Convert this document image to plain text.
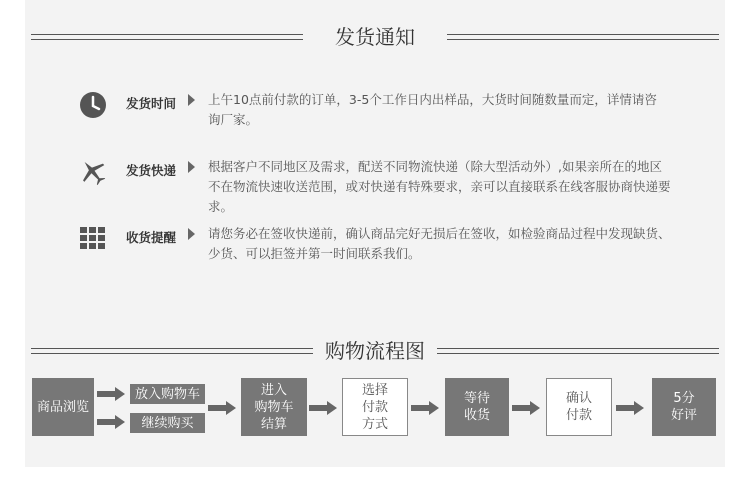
发货通知
发货时间	上午10点前付款的订单，3-5个工作日内出样品，大货时间随数量而定，详情请咨 询厂家。
发货快递	根据客户不同地区及需求，配送不同物流快递（除大型活动外）,如果亲所在的地区不在物流快速收送范围，或对快递有特殊要求，亲可以直接联系在线客服协商快递要求。
收货提醒	请您务必在签收快递前，确认商品完好无损后在签收，如检验商品过程中发现缺货、少货、可以拒签并第一时间联系我们。
购物流程图
商品浏览
放入购物车
继续购买
进入
购物车
结算
选择
付款
方式
等待
收货
确认
付款
5分
好评
